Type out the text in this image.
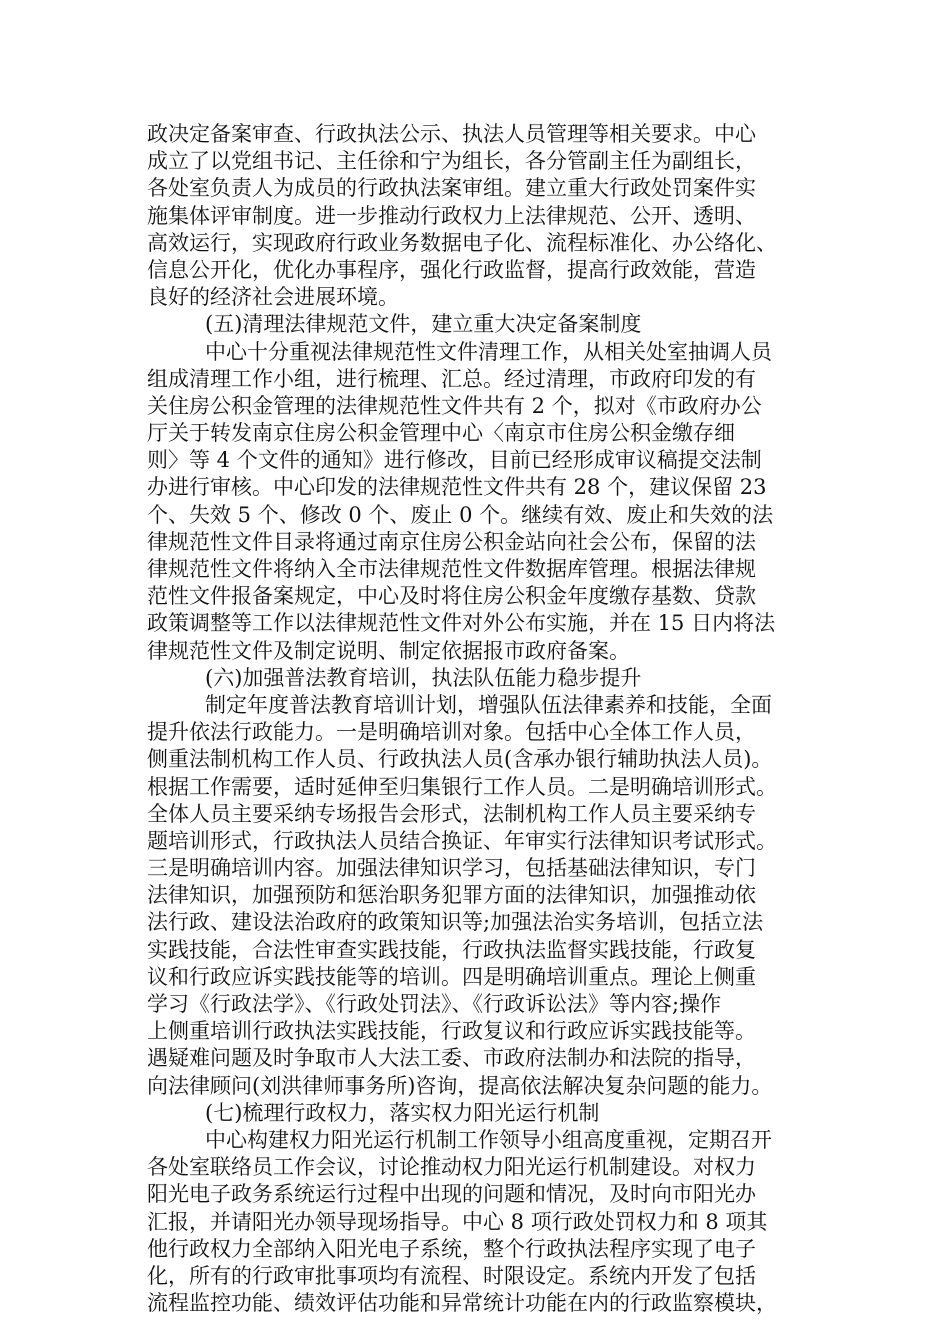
政决定备案审查、行政执法公示、执法人员管理等相关要求。中心
成立了以党组书记、主任徐和宁为组长，各分管副主任为副组长，
各处室负责人为成员的行政执法案审组。建立重大行政处罚案件实
施集体评审制度。进一步推动行政权力上法律规范、公开、透明、
高效运行，实现政府行政业务数据电子化、流程标准化、办公络化、
信息公开化，优化办事程序，强化行政监督，提高行政效能，营造
良好的经济社会进展环境。
(五)清理法律规范文件，建立重大决定备案制度
中心十分重视法律规范性文件清理工作，从相关处室抽调人员
组成清理工作小组，进行梳理、汇总。经过清理，市政府印发的有
关住房公积金管理的法律规范性文件共有 2 个，拟对《市政府办公
厅关于转发南京住房公积金管理中心〈南京市住房公积金缴存细
则〉等 4 个文件的通知》进行修改，目前已经形成审议稿提交法制
办进行审核。中心印发的法律规范性文件共有 28 个，建议保留 23
个、失效 5 个、修改 0 个、废止 0 个。继续有效、废止和失效的法
律规范性文件目录将通过南京住房公积金站向社会公布，保留的法
律规范性文件将纳入全市法律规范性文件数据库管理。根据法律规
范性文件报备案规定，中心及时将住房公积金年度缴存基数、贷款
政策调整等工作以法律规范性文件对外公布实施，并在 15 日内将法
律规范性文件及制定说明、制定依据报市政府备案。
(六)加强普法教育培训，执法队伍能力稳步提升
制定年度普法教育培训计划，增强队伍法律素养和技能，全面
提升依法行政能力。一是明确培训对象。包括中心全体工作人员，
侧重法制机构工作人员、行政执法人员(含承办银行辅助执法人员)。
根据工作需要，适时延伸至归集银行工作人员。二是明确培训形式。
全体人员主要采纳专场报告会形式，法制机构工作人员主要采纳专
题培训形式，行政执法人员结合换证、年审实行法律知识考试形式。
三是明确培训内容。加强法律知识学习，包括基础法律知识，专门
法律知识，加强预防和惩治职务犯罪方面的法律知识，加强推动依
法行政、建设法治政府的政策知识等;加强法治实务培训，包括立法
实践技能，合法性审查实践技能，行政执法监督实践技能，行政复
议和行政应诉实践技能等的培训。四是明确培训重点。理论上侧重
学习《行政法学》、《行政处罚法》、《行政诉讼法》等内容;操作
上侧重培训行政执法实践技能，行政复议和行政应诉实践技能等。
遇疑难问题及时争取市人大法工委、市政府法制办和法院的指导，
向法律顾问(刘洪律师事务所)咨询，提高依法解决复杂问题的能力。
(七)梳理行政权力，落实权力阳光运行机制
中心构建权力阳光运行机制工作领导小组高度重视，定期召开
各处室联络员工作会议，讨论推动权力阳光运行机制建设。对权力
阳光电子政务系统运行过程中出现的问题和情况，及时向市阳光办
汇报，并请阳光办领导现场指导。中心 8 项行政处罚权力和 8 项其
他行政权力全部纳入阳光电子系统，整个行政执法程序实现了电子
化，所有的行政审批事项均有流程、时限设定。系统内开发了包括
流程监控功能、绩效评估功能和异常统计功能在内的行政监察模块，
